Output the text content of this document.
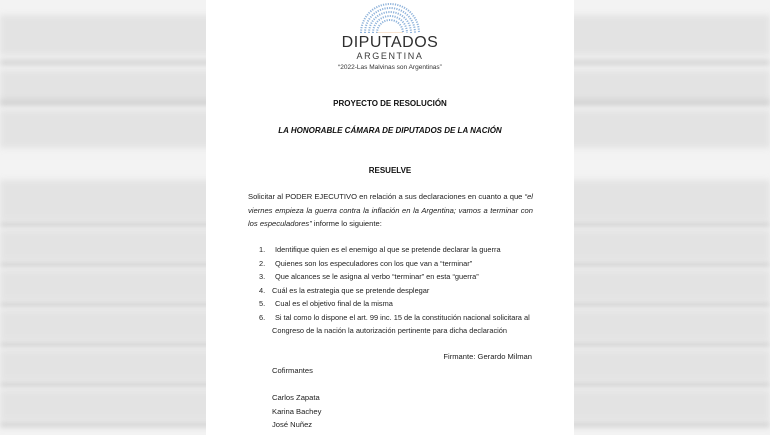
DIPUTADOS
ARGENTINA
“2022-Las Malvinas son Argentinas”
PROYECTO DE RESOLUCIÓN
LA HONORABLE CÁMARA DE DIPUTADOS DE LA NACIÓN
RESUELVE
Solicitar al PODER EJECUTIVO en relación a sus declaraciones en cuanto a que “el viernes empieza la guerra contra la inflación en la Argentina; vamos a terminar con los especuladores” informe lo siguiente:
1. Identifique quien es el enemigo al que se pretende declarar la guerra
2. Quienes son los especuladores con los que van a “terminar”
3. Que alcances se le asigna al verbo “terminar” en esta “guerra”
4. Cuál es la estrategia que se pretende desplegar
5. Cual es el objetivo final de la misma
6. Si tal como lo dispone el art. 99 inc. 15 de la constitución nacional solicitara al
Congreso de la nación la autorización pertinente para dicha declaración
Firmante: Gerardo Milman
Cofirmantes
Carlos Zapata
Karina Bachey
José Nuñez
